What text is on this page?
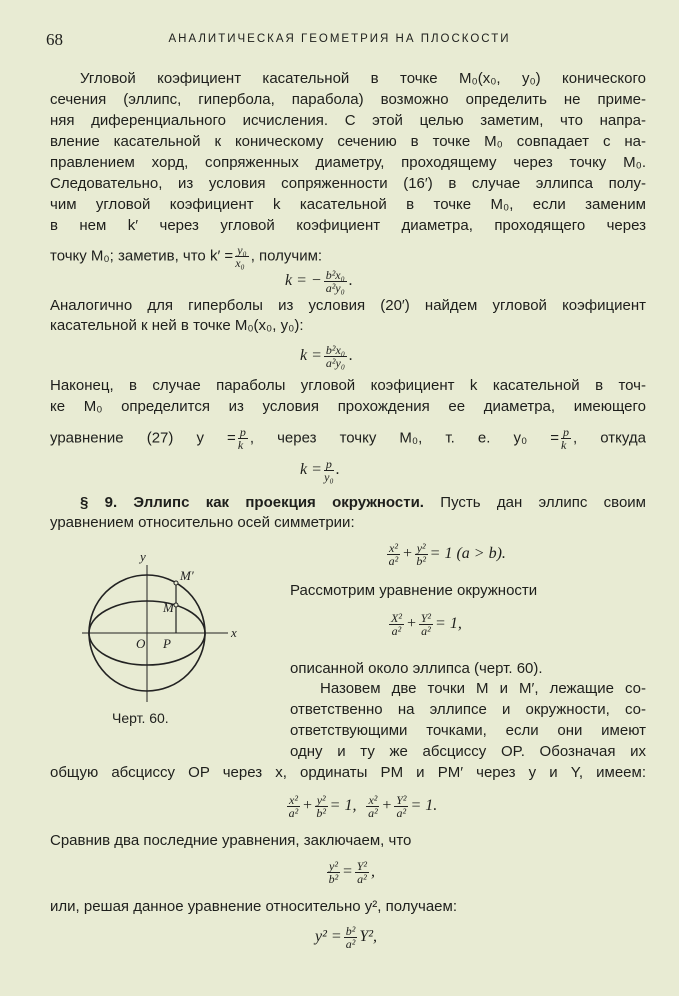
68	АНАЛИТИЧЕСКАЯ ГЕОМЕТРИЯ НА ПЛОСКОСТИ
Угловой коэфициент касательной в точке M₀(x₀, y₀) конического
сечения (эллипс, гипербола, парабола) возможно определить не приме-
няя диференциального исчисления. С этой целью заметим, что напра-
вление касательной к коническому сечению в точке M₀ совпадает с на-
правлением хорд, сопряженных диаметру, проходящему через точку M₀.
Следовательно, из условия сопряженности (16′) в случае эллипса полу-
чим угловой коэфициент k касательной в точке M₀, если заменим
в нем k′ через угловой коэфициент диаметра, проходящего через
точку M₀; заметив, что $k' = \frac{\text{y₀}}{\text{x₀}}$ , получим:
k = − $\frac{\text{b²x₀}}{\text{a²y₀}}$ .
Аналогично для гиперболы из условия (20′) найдем угловой коэфициент
касательной к ней в точке M₀(x₀, y₀):
$k = \frac{\text{b²x₀}}{\text{a²y₀}}$ .
Наконец, в случае параболы угловой коэфициент k касательной в точ-
ке M₀ определится из условия прохождения ее диаметра, имеющего
уравнение (27) $y = \frac{p}{k}$ , через точку M₀, т. е. $y_0 = \frac{p}{k}$ , откуда
$k = \frac{p}{\text{y₀}}$ .
§ 9. Эллипс как проекция окружности. Пусть дан эллипс своим
уравнением относительно осей симметрии:
$\frac{\text{x²}}{\text{a²}} + \frac{\text{y²}}{\text{b²}} = 1$ (a > b).
Рассмотрим уравнение окружности
$\frac{\text{X²}}{\text{a²}} + \frac{\text{Y²}}{\text{a²}} = 1$,
описанной около эллипса (черт. 60).
Назовем две точки M и M′, лежащие со-
ответственно на эллипсе и окружности, со-
ответствующими точками, если они имеют
одну и ту же абсциссу OP. Обозначая их
общую абсциссу OP через x, ординаты PM и PM′ через y и Y, имеем:
$\frac{\text{x²}}{\text{a²}} + \frac{\text{y²}}{\text{b²}} = 1$, $\frac{\text{x²}}{\text{a²}} + \frac{\text{Y²}}{\text{a²}} = 1$.
Сравнив два последние уравнения, заключаем, что
$\frac{\text{y²}}{\text{b²}} = \frac{\text{Y²}}{\text{a²}}$ ,
или, решая данное уравнение относительно y², получаем:
$y^2 = \frac{\text{b²}}{\text{a²}} Y^2$,
y
x
O P
M
M′
Черт. 60.
